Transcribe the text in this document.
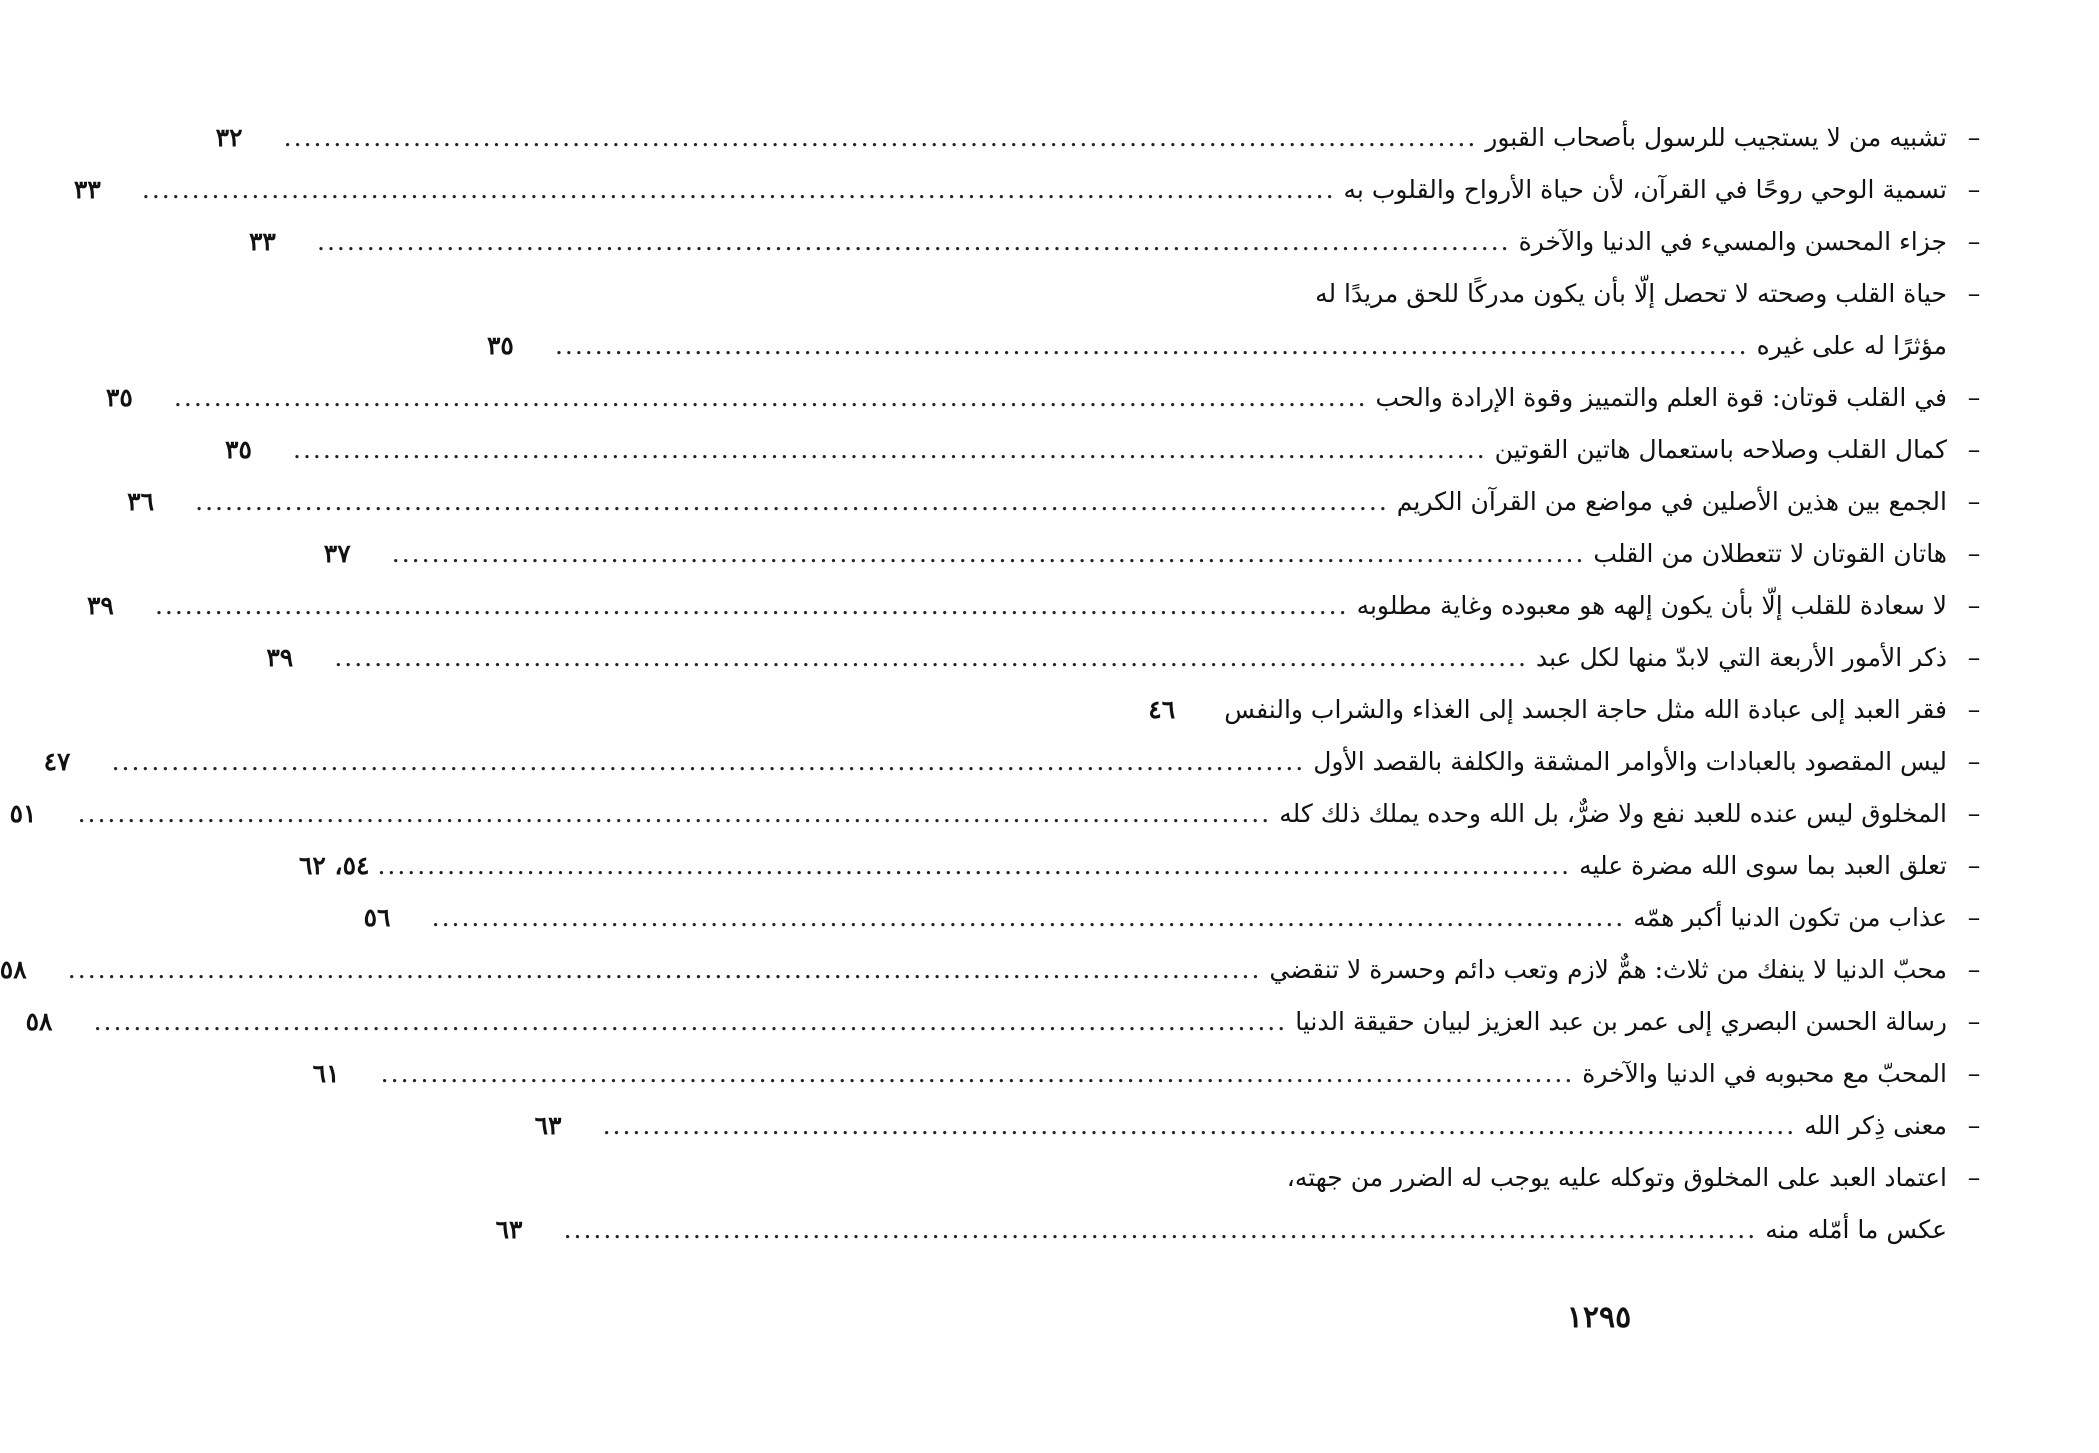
–
تشبيه من لا يستجيب للرسول بأصحاب القبور
........................................................................................................................
٣٢
–
تسمية الوحي روحًا في القرآن، لأن حياة الأرواح والقلوب به
........................................................................................................................
٣٣
–
جزاء المحسن والمسيء في الدنيا والآخرة
........................................................................................................................
٣٣
–
حياة القلب وصحته لا تحصل إلّا بأن يكون مدركًا للحق مريدًا له
مؤثرًا له على غيره
........................................................................................................................
٣٥
–
في القلب قوتان: قوة العلم والتمييز وقوة الإرادة والحب
........................................................................................................................
٣٥
–
كمال القلب وصلاحه باستعمال هاتين القوتين
........................................................................................................................
٣٥
–
الجمع بين هذين الأصلين في مواضع من القرآن الكريم
........................................................................................................................
٣٦
–
هاتان القوتان لا تتعطلان من القلب
........................................................................................................................
٣٧
–
لا سعادة للقلب إلّا بأن يكون إلهه هو معبوده وغاية مطلوبه
........................................................................................................................
٣٩
–
ذكر الأمور الأربعة التي لابدّ منها لكل عبد
........................................................................................................................
٣٩
–
فقر العبد إلى عبادة الله مثل حاجة الجسد إلى الغذاء والشراب والنفس
٤٦
–
ليس المقصود بالعبادات والأوامر المشقة والكلفة بالقصد الأول
........................................................................................................................
٤٧
–
المخلوق ليس عنده للعبد نفع ولا ضرٌّ، بل الله وحده يملك ذلك كله
........................................................................................................................
٥١
–
تعلق العبد بما سوى الله مضرة عليه
........................................................................................................................
٥٤، ٦٢
–
عذاب من تكون الدنيا أكبر همّه
........................................................................................................................
٥٦
–
محبّ الدنيا لا ينفك من ثلاث: همٌّ لازم وتعب دائم وحسرة لا تنقضي
........................................................................................................................
٥٨
–
رسالة الحسن البصري إلى عمر بن عبد العزيز لبيان حقيقة الدنيا
........................................................................................................................
٥٨
–
المحبّ مع محبوبه في الدنيا والآخرة
........................................................................................................................
٦١
–
معنى ذِكر الله
........................................................................................................................
٦٣
–
اعتماد العبد على المخلوق وتوكله عليه يوجب له الضرر من جهته،
عكس ما أمّله منه
........................................................................................................................
٦٣
١٢٩٥
